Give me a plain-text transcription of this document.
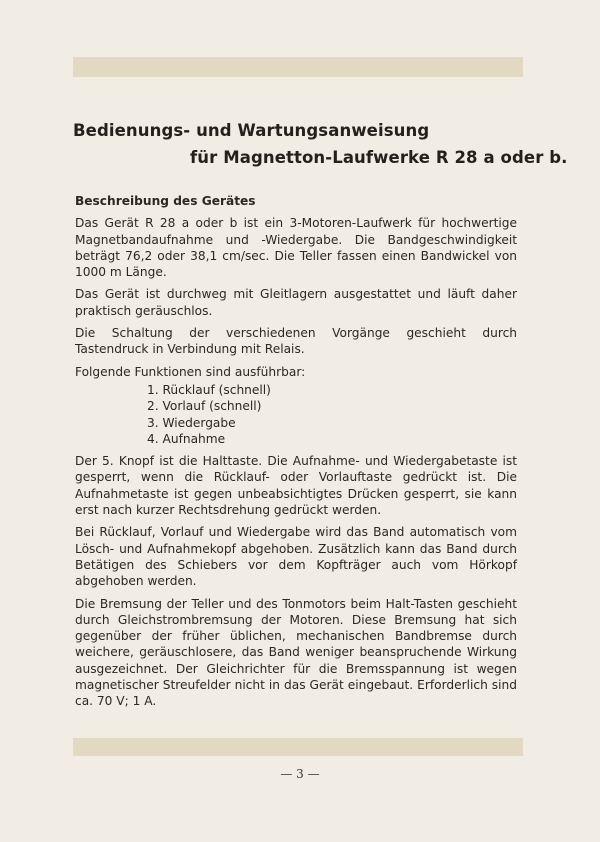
Bedienungs- und Wartungsanweisung
für Magnetton-Laufwerke R 28 a oder b.
Beschreibung des Gerätes

Das Gerät R 28 a oder b ist ein 3-Motoren-Laufwerk für hochwertige Magnetbandaufnahme und -Wiedergabe. Die Bandgeschwindigkeit beträgt 76,2 oder 38,1 cm/sec. Die Teller fassen einen Bandwickel von 1000 m Länge.

Das Gerät ist durchweg mit Gleitlagern ausgestattet und läuft daher praktisch geräuschlos.

Die Schaltung der verschiedenen Vorgänge geschieht durch Tastendruck in Verbindung mit Relais.

Folgende Funktionen sind ausführbar:

1. Rücklauf (schnell)
2. Vorlauf (schnell)
3. Wiedergabe
4. Aufnahme

Der 5. Knopf ist die Halttaste. Die Aufnahme- und Wiedergabetaste ist gesperrt, wenn die Rücklauf- oder Vorlauftaste gedrückt ist. Die Aufnahmetaste ist gegen unbeabsichtigtes Drücken gesperrt, sie kann erst nach kurzer Rechtsdrehung gedrückt werden.

Bei Rücklauf, Vorlauf und Wiedergabe wird das Band automatisch vom Lösch- und Aufnahmekopf abgehoben. Zusätzlich kann das Band durch Betätigen des Schiebers vor dem Kopfträger auch vom Hörkopf abgehoben werden.

Die Bremsung der Teller und des Tonmotors beim Halt-Tasten geschieht durch Gleichstrombremsung der Motoren. Diese Bremsung hat sich gegenüber der früher üblichen, mechanischen Bandbremse durch weichere, geräuschlosere, das Band weniger beanspruchende Wirkung ausgezeichnet. Der Gleichrichter für die Bremsspannung ist wegen magnetischer Streufelder nicht in das Gerät eingebaut. Erforderlich sind ca. 70 V; 1 A.

— 3 —
